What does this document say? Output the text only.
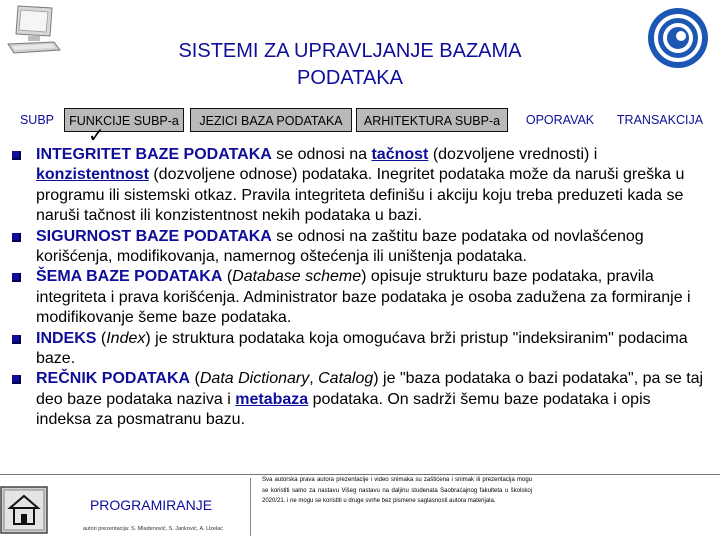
SISTEMI ZA UPRAVLJANJE BAZAMA
PODATAKA
SUBP	FUNKCIJE SUBP-a	JEZICI BAZA PODATAKA	ARHITEKTURA SUBP-a	OPORAVAK	TRANSAKCIJA
✓
INTEGRITET BAZE PODATAKA se odnosi na tačnost (dozvoljene vrednosti) i konzistentnost (dozvoljene odnose) podataka. Inegritet podataka može da naruši greška u programu ili sistemski otkaz. Pravila integriteta definišu i akciju koju treba preduzeti kada se naruši tačnost ili konzistentnost nekih podataka u bazi.
SIGURNOST BAZE PODATAKA se odnosi na zaštitu baze podataka od novlašćenog korišćenja, modifikovanja, namernog oštećenja ili uništenja podataka.
ŠEMA BAZE PODATAKA (Database scheme) opisuje strukturu baze podataka, pravila integriteta i prava korišćenja. Administrator baze podataka je osoba zadužena za formiranje i modifikovanje šeme baze podataka.
INDEKS (Index) je struktura podataka koja omogućava brži pristup "indeksiranim" podacima baze.
REČNIK PODATAKA (Data Dictionary, Catalog) je "baza podataka o bazi podataka", pa se taj deo baze podataka naziva i metabaza podataka. On sadrži šemu baze podataka i opis indeksa za posmatranu bazu.
PROGRAMIRANJE
autori prezentacija: S. Mladenović, S. Janković, A. Uzelac
Sva autorska prava autora prezentacije i video snimaka su zaštićena i snimak ili prezentacija mogu se koristiti samo za nastavu Višeg nastavu na daljinu studenata Saobraćajnog fakulteta u školskoj 2020/21. i ne mogu se koristiti u druge svrhe bez pismene saglasnosti autora materijala.
